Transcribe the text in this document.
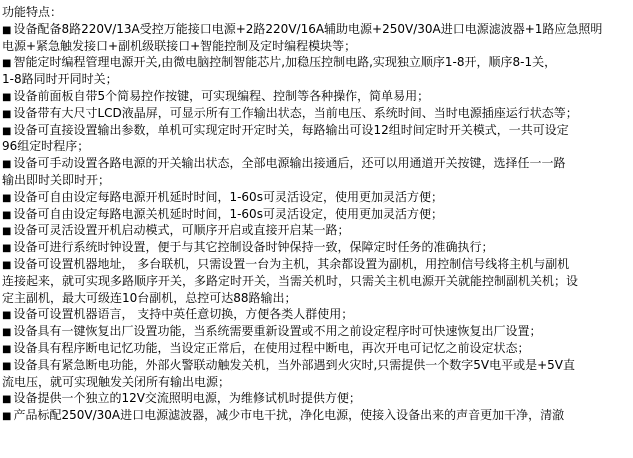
功能特点：
■ 设备配备8路220V/13A受控万能接口电源+2路220V/16A辅助电源+250V/30A进口电源滤波器+1路应急照明
电源+紧急触发接口+副机级联接口+智能控制及定时编程模块等；
■ 智能定时编程管理电源开关,由微电脑控制智能芯片,加稳压控制电路,实现独立顺序1-8开，顺序8-1关，
1-8路同时开同时关；
■ 设备前面板自带5个简易控作按键，可实现编程、控制等各种操作，简单易用；
■ 设备带有大尺寸LCD液晶屏，可显示所有工作输出状态，当前电压、系统时间、当时电源插座运行状态等；
■ 设备可直接设置输出参数，单机可实现定时开定时关，每路输出可设12组时间定时开关模式，一共可设定
96组定时程序；
■ 设备可手动设置各路电源的开关输出状态，全部电源输出接通后，还可以用通道开关按键，选择任一一路
输出即时关即时开；
■ 设备可自由设定每路电源开机延时时间，1-60s可灵活设定，使用更加灵活方便；
■ 设备可自由设定每路电源关机延时时间，1-60s可灵活设定，使用更加灵活方便；
■ 设备可灵活设置开机启动模式，可顺序开启或直接开启某一路；
■ 设备可进行系统时钟设置，便于与其它控制设备时钟保持一致，保障定时任务的准确执行；
■ 设备可设置机器地址， 多台联机，只需设置一台为主机，其余都设置为副机，用控制信号线将主机与副机
连接起来，就可实现多路顺序开关，多路定时开关，当需关机时，只需关主机电源开关就能控制副机关机；设
定主副机，最大可级连10台副机，总控可达88路输出；
■ 设备可设置机器语言， 支持中英任意切换，方便各类人群使用；
■ 设备具有一键恢复出厂设置功能，当系统需要重新设置或不用之前设定程序时可快速恢复出厂设置；
■ 设备具有程序断电记忆功能，当设定正常后，在使用过程中断电，再次开电可记忆之前设定状态；
■ 设备具有紧急断电功能，外部火警联动触发关机，当外部遇到火灾时,只需提供一个数字5V电平或是+5V直
流电压，就可实现触发关闭所有输出电源；
■ 设备提供一个独立的12V交流照明电源，为维修试机时提供方便；
■ 产品标配250V/30A进口电源滤波器，减少市电干扰，净化电源，使接入设备出来的声音更加干净，清澈
